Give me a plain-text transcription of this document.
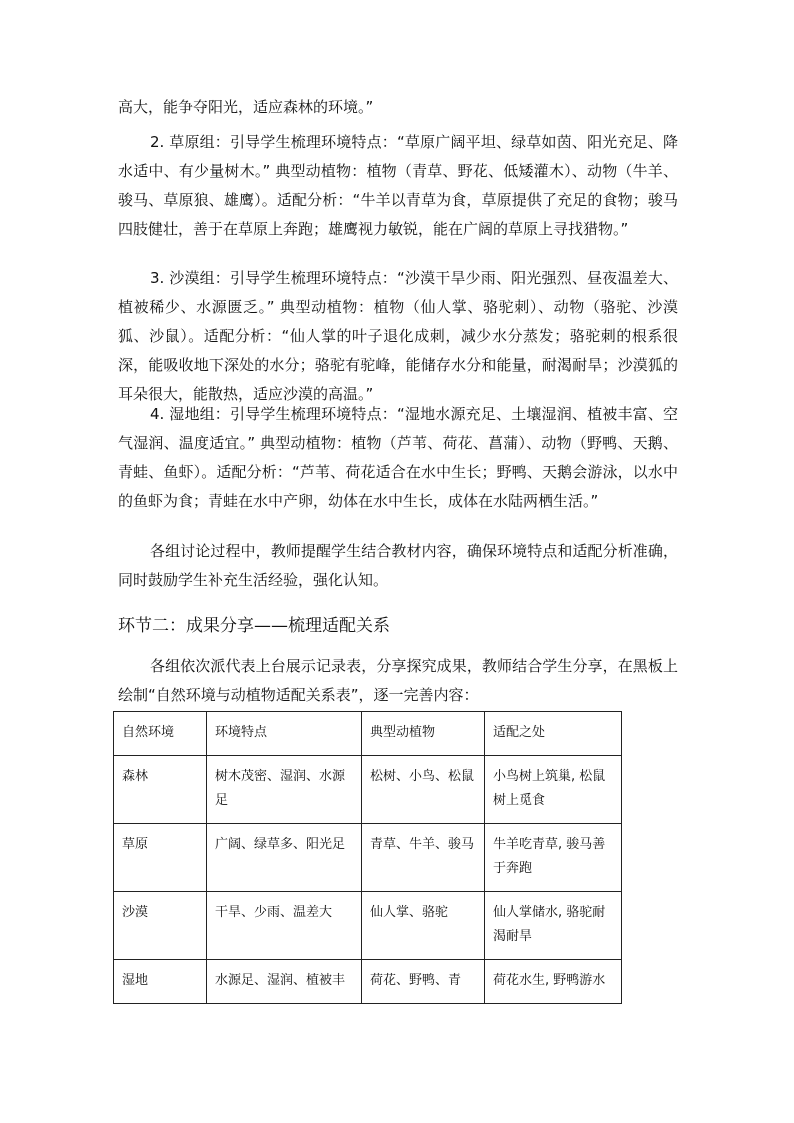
高大，能争夺阳光，适应森林的环境。”
2. 草原组：引导学生梳理环境特点：“草原广阔平坦、绿草如茵、阳光充足、降水适中、有少量树木。” 典型动植物：植物（青草、野花、低矮灌木）、动物（牛羊、骏马、草原狼、雄鹰）。适配分析：“牛羊以青草为食，草原提供了充足的食物；骏马四肢健壮，善于在草原上奔跑；雄鹰视力敏锐，能在广阔的草原上寻找猎物。”
3. 沙漠组：引导学生梳理环境特点：“沙漠干旱少雨、阳光强烈、昼夜温差大、植被稀少、水源匮乏。” 典型动植物：植物（仙人掌、骆驼刺）、动物（骆驼、沙漠狐、沙鼠）。适配分析：“仙人掌的叶子退化成刺，减少水分蒸发；骆驼刺的根系很深，能吸收地下深处的水分；骆驼有驼峰，能储存水分和能量，耐渴耐旱；沙漠狐的耳朵很大，能散热，适应沙漠的高温。”
4. 湿地组：引导学生梳理环境特点：“湿地水源充足、土壤湿润、植被丰富、空气湿润、温度适宜。” 典型动植物：植物（芦苇、荷花、菖蒲）、动物（野鸭、天鹅、青蛙、鱼虾）。适配分析：“芦苇、荷花适合在水中生长；野鸭、天鹅会游泳，以水中的鱼虾为食；青蛙在水中产卵，幼体在水中生长，成体在水陆两栖生活。”
各组讨论过程中，教师提醒学生结合教材内容，确保环境特点和适配分析准确，同时鼓励学生补充生活经验，强化认知。
环节二：成果分享——梳理适配关系
各组依次派代表上台展示记录表，分享探究成果，教师结合学生分享，在黑板上绘制“自然环境与动植物适配关系表”，逐一完善内容：
自然环境	环境特点	典型动植物	适配之处
森林	树木茂密、湿润、水源足	松树、小鸟、松鼠	小鸟树上筑巢, 松鼠树上觅食
草原	广阔、绿草多、阳光足	青草、牛羊、骏马	牛羊吃青草, 骏马善于奔跑
沙漠	干旱、少雨、温差大	仙人掌、骆驼	仙人掌储水, 骆驼耐渴耐旱
湿地	水源足、湿润、植被丰	荷花、野鸭、青	荷花水生, 野鸭游水
